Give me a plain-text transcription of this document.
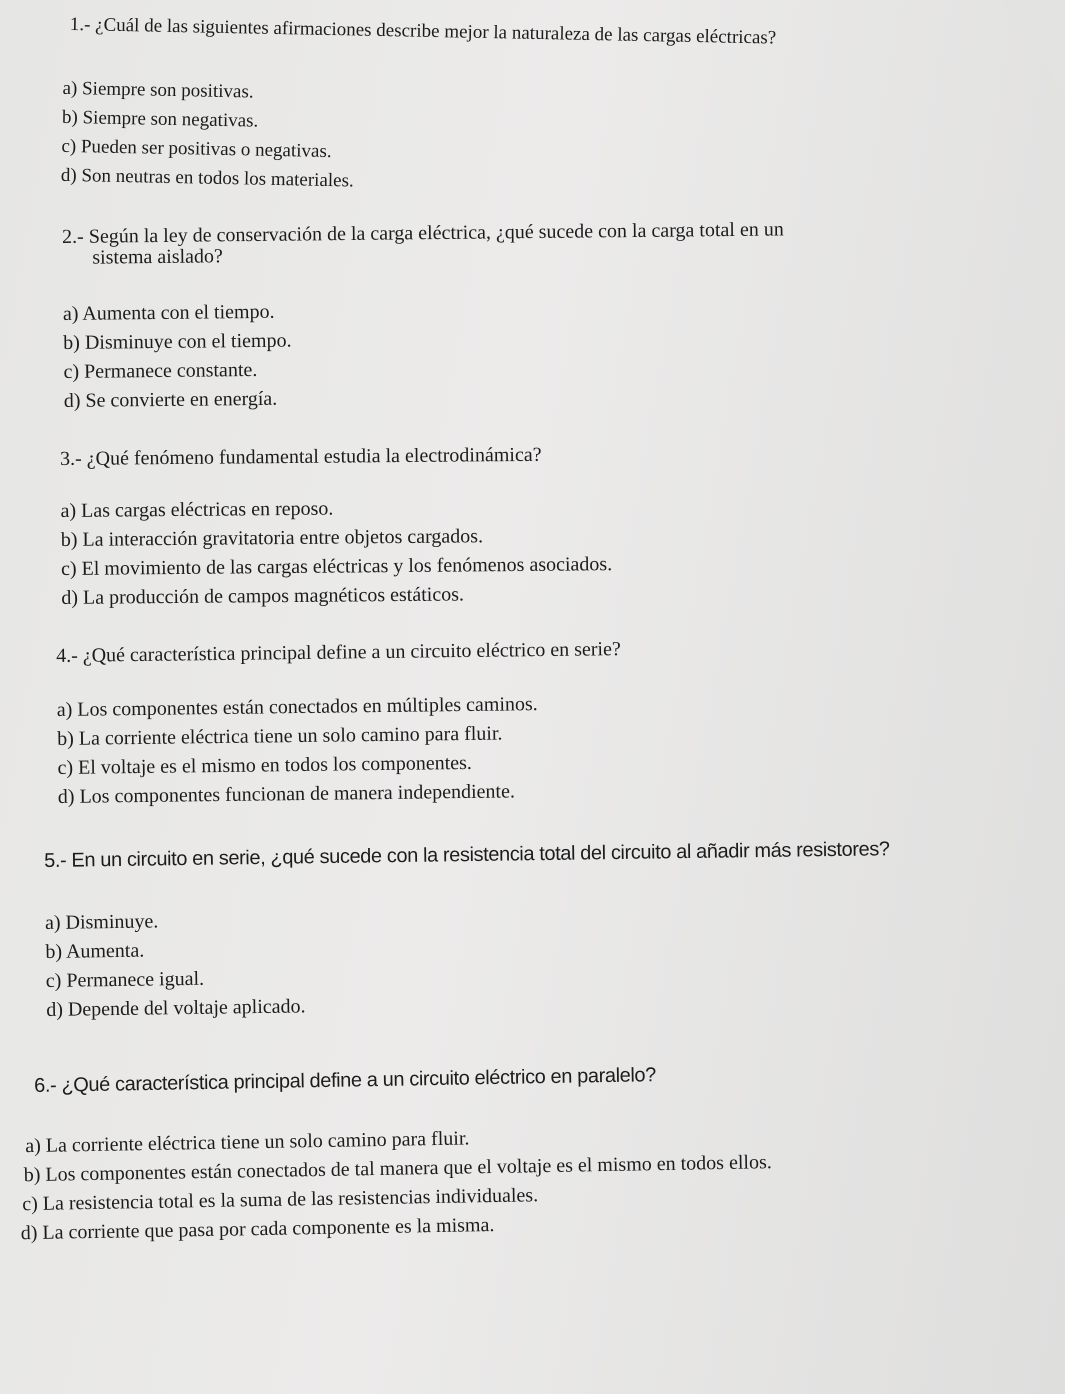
1.- ¿Cuál de las siguientes afirmaciones describe mejor la naturaleza de las cargas eléctricas?
a) Siempre son positivas.
b) Siempre son negativas.
c) Pueden ser positivas o negativas.
d) Son neutras en todos los materiales.
2.- Según la ley de conservación de la carga eléctrica, ¿qué sucede con la carga total en un
sistema aislado?
a) Aumenta con el tiempo.
b) Disminuye con el tiempo.
c) Permanece constante.
d) Se convierte en energía.
3.- ¿Qué fenómeno fundamental estudia la electrodinámica?
a) Las cargas eléctricas en reposo.
b) La interacción gravitatoria entre objetos cargados.
c) El movimiento de las cargas eléctricas y los fenómenos asociados.
d) La producción de campos magnéticos estáticos.
4.- ¿Qué característica principal define a un circuito eléctrico en serie?
a) Los componentes están conectados en múltiples caminos.
b) La corriente eléctrica tiene un solo camino para fluir.
c) El voltaje es el mismo en todos los componentes.
d) Los componentes funcionan de manera independiente.
5.- En un circuito en serie, ¿qué sucede con la resistencia total del circuito al añadir más resistores?
a) Disminuye.
b) Aumenta.
c) Permanece igual.
d) Depende del voltaje aplicado.
6.- ¿Qué característica principal define a un circuito eléctrico en paralelo?
a) La corriente eléctrica tiene un solo camino para fluir.
b) Los componentes están conectados de tal manera que el voltaje es el mismo en todos ellos.
c) La resistencia total es la suma de las resistencias individuales.
d) La corriente que pasa por cada componente es la misma.
